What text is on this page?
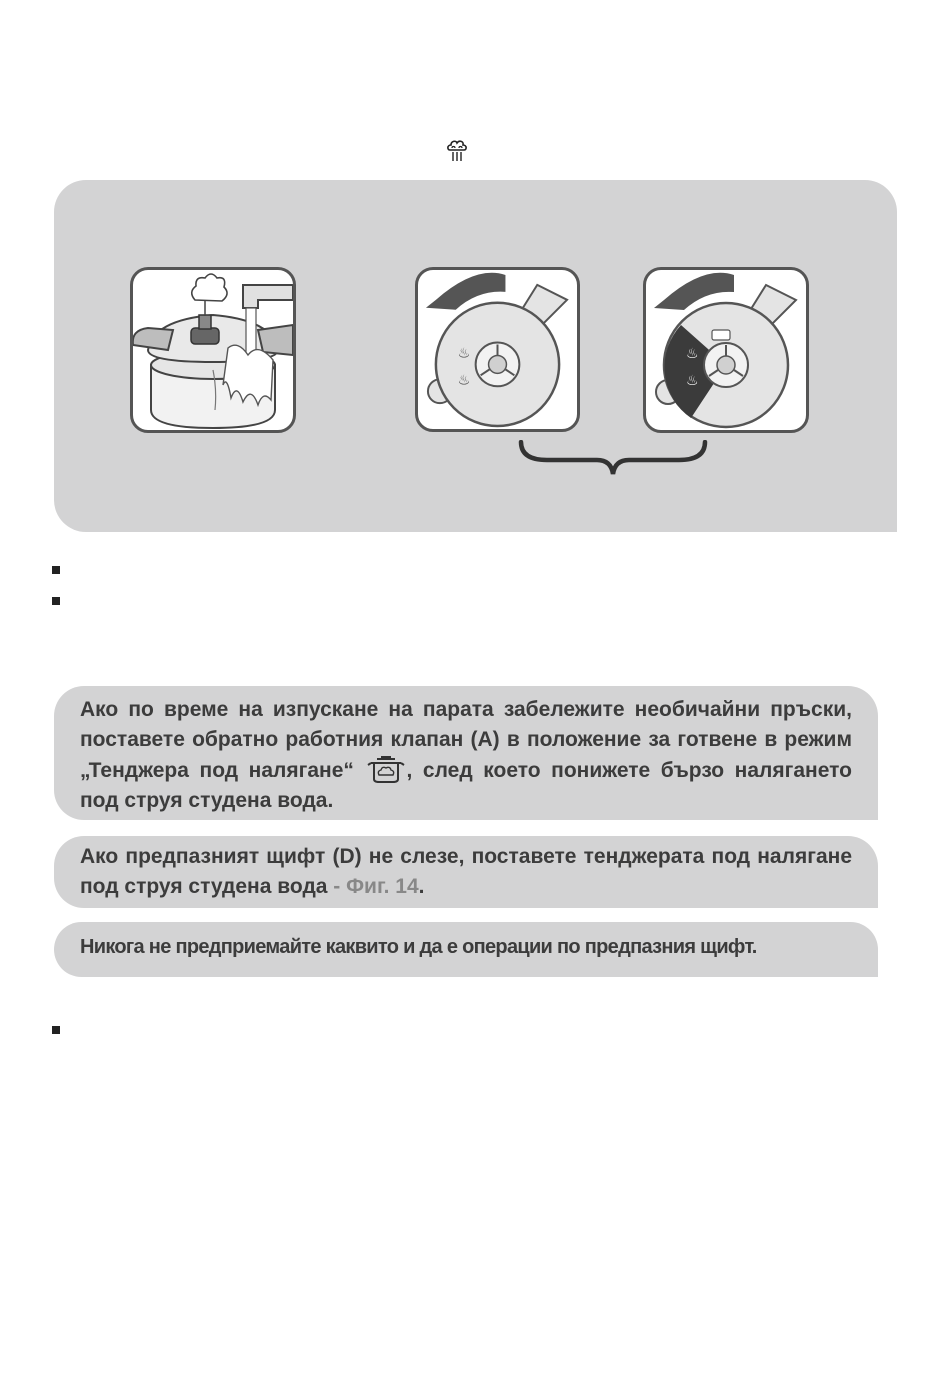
♨
♨
♨
♨
Ако по време на изпускане на парата забележите необичайни пръски, поставете обратно работния клапан (A) в положение за готвене в режим „Тенджера под налягане“	, след което понижете бързо налягането под струя студена вода.
Ако предпазният щифт (D) не слезе, поставете тенджерата под налягане под струя студена вода - Фиг. 14.
Никога не предприемайте каквито и да е операции по предпазния щифт.
